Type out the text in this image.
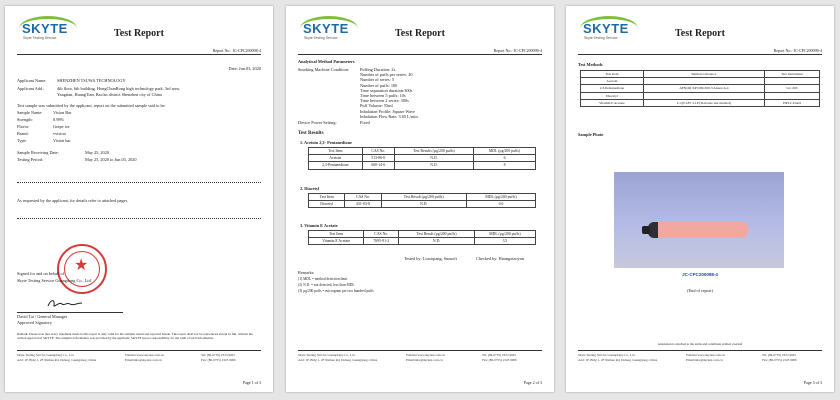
SKYTE
Skyte Testing Service	Test Report
Report No.: JC-CPC200098-4
Date: Jun.03, 2020
Applicant Name: SHENZHEN TSUWA TECHNOLOGY
Applicant Add.:	4th floor, 6th building, HongChunRong high technology park, 3rd area,
Yangtian, HuangTian, Bao'an district Shenzhen city of China
Test sample was submitted by the applicant, report on the submitted sample said to be:
Sample Name: Vision Bar
Strength:	0.98%
Flavor:	Grape ice
Brand:	vvision
Type:	Vision bar
Sample Receiving Date:	May 25, 2020
Testing Period:	May 25, 2020 to Jun.03, 2020
As requested by the applicant, for details refer to attached pages.
★
Signed for and on behalf of
Skyte Testing Service Guangdong Co., Ltd.
David Tai / General Manager
Approved Signatory
Remark: Please note that every statement made in this report is only valid for the samples tested and reported herein. This report shall not be reproduced except in full, without the written approval of SKYTE. The sample's information was provided by the applicant, SKYTE has no responsibility for the truth of such information.
Skyte Testing Service Guangdong Co., Ltd
Add: 1F, Bldg 1, 2F Xinhua Rd, Dalang, Guangdong, China
Website:www.skytest.com.cn
Email:info@skytest.com.cn
Tel: (86-0755) 2323 9925
Fax: (86-0755) 2323 9006
Page 1 of 3
SKYTE
Skyte Testing Service	Test Report
Report No.: JC-CPC200098-4
Analytical Method Parameters
Smoking Machine Condition:	Puffing Duration: 2s
Number of puffs per series: 20
Number of series: 5
Number of puffs: 100
Time separation duration:300s
Time between 5 puffs: 10s
Time between 2 series: 300s
Puff Volume: 55ml
Inhalation Profile: Square Wave
Inhalation Flow Rate: 3.65 L/min
Device Power Setting:	Fixed
Test Results
1. Acetoin 2,3- Pentanedione
Test Item	CAS No.	Test Results (µg/200 puffs)	MDL (µg/200 puffs)
Acetoin	513-86-0	N.D.	6
2,3-Pentanedione	600-14-6	N.D.	8
2. Diacetyl
Test Item	CAS No.	Test Result (µg/200 puffs)	MDL (µg/200 puffs)
Diacetyl	431-03-8	N.D.	0.6
3. Vitamin E Acetate
Test Item	CAS No.	Test Result (µg/200 puffs)	MDL (µg/200 puffs)
Vitamin E Acetate	7695-91-2	N.D.	3.5
Tested by: Liuxiqiang, Sunsoft	Checked by: Huangxiaoyun
Remarks:
(1) MDL = method detection limit
(2) N.D. = not detected, less than MDL
(3) µg/200 puffs = microgram per two hundred puffs
Skyte Testing Service Guangdong Co., Ltd
Add: 1F, Bldg 1, 2F Xinhua Rd, Dalang, Guangdong, China
Website:www.skytest.com.cn
Email:info@skytest.com.cn
Tel: (86-0755) 2323 9925
Fax: (86-0755) 2323 9006
Page 2 of 3
SKYTE
Skyte Testing Service	Test Report
Report No.: JC-CPC200098-4
Test Methods
Test Item	Method reference	Test Instrument
Acetoin		
2,3-Pentanedione	AFNOR XP D90-300-3 Annex A.4	GC-MS
Diacetyl		
Vitamin E Acetate	C-QT-185 3-1P (In-house test method)	HPLC-DAD
Sample Photo
JC-CPC200098-4
(End of report)
Attestation is attached to the terms and conditions printed overleaf
Skyte Testing Service Guangdong Co., Ltd
Add: 1F, Bldg 1, 2F Xinhua Rd, Dalang, Guangdong, China
Website:www.skytest.com.cn
Email:info@skytest.com.cn
Tel: (86-0755) 2323 9925
Fax: (86-0755) 2323 9006
Page 3 of 3
